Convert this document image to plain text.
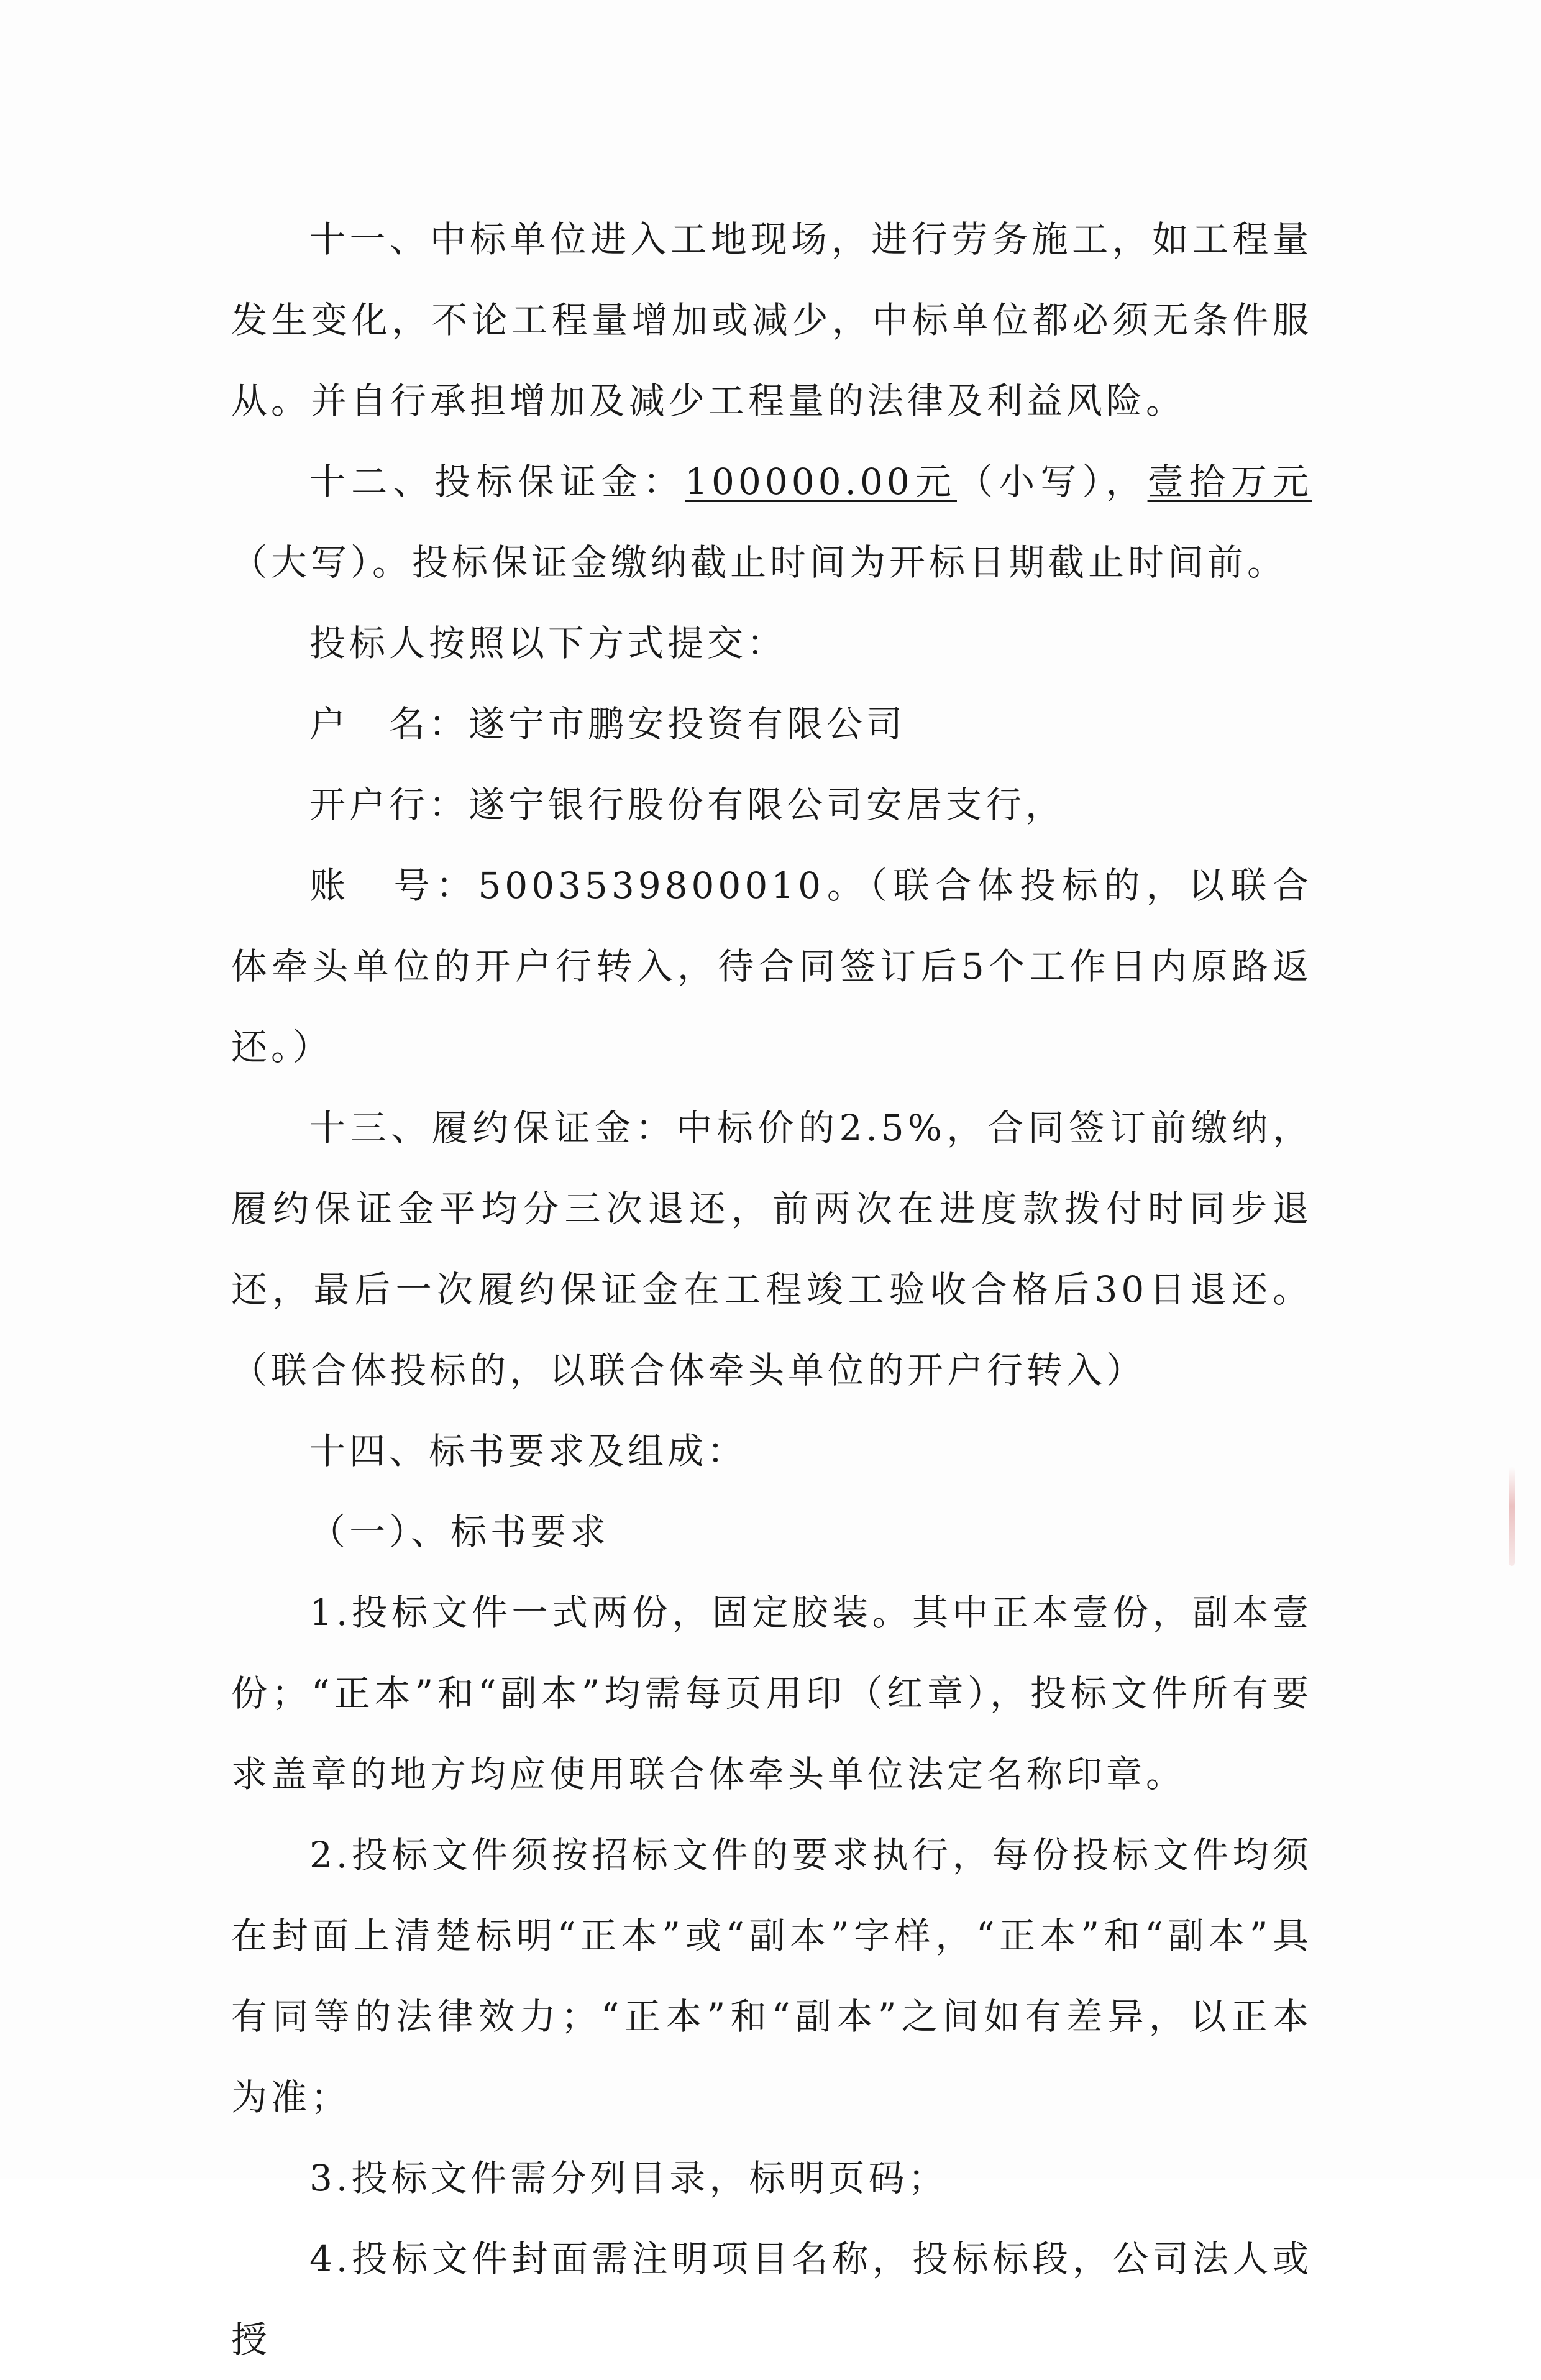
十一、中标单位进入工地现场，进行劳务施工，如工程量发生变化，不论工程量增加或减少，中标单位都必须无条件服从。并自行承担增加及减少工程量的法律及利益风险。

十二、投标保证金：100000.00元（小写），壹拾万元（大写）。投标保证金缴纳截止时间为开标日期截止时间前。

投标人按照以下方式提交：

户　名：遂宁市鹏安投资有限公司

开户行：遂宁银行股份有限公司安居支行，

账　号：5003539800010。（联合体投标的，以联合体牵头单位的开户行转入，待合同签订后5个工作日内原路返还。）

十三、履约保证金：中标价的2.5%，合同签订前缴纳，履约保证金平均分三次退还，前两次在进度款拨付时同步退还，最后一次履约保证金在工程竣工验收合格后30日退还。（联合体投标的，以联合体牵头单位的开户行转入）

十四、标书要求及组成：

（一）、标书要求

1.投标文件一式两份，固定胶装。其中正本壹份，副本壹份；“正本”和“副本”均需每页用印（红章），投标文件所有要求盖章的地方均应使用联合体牵头单位法定名称印章。

2.投标文件须按招标文件的要求执行，每份投标文件均须在封面上清楚标明“正本”或“副本”字样，“正本”和“副本”具有同等的法律效力；“正本”和“副本”之间如有差异，以正本为准；

3.投标文件需分列目录，标明页码；

4.投标文件封面需注明项目名称，投标标段，公司法人或授
